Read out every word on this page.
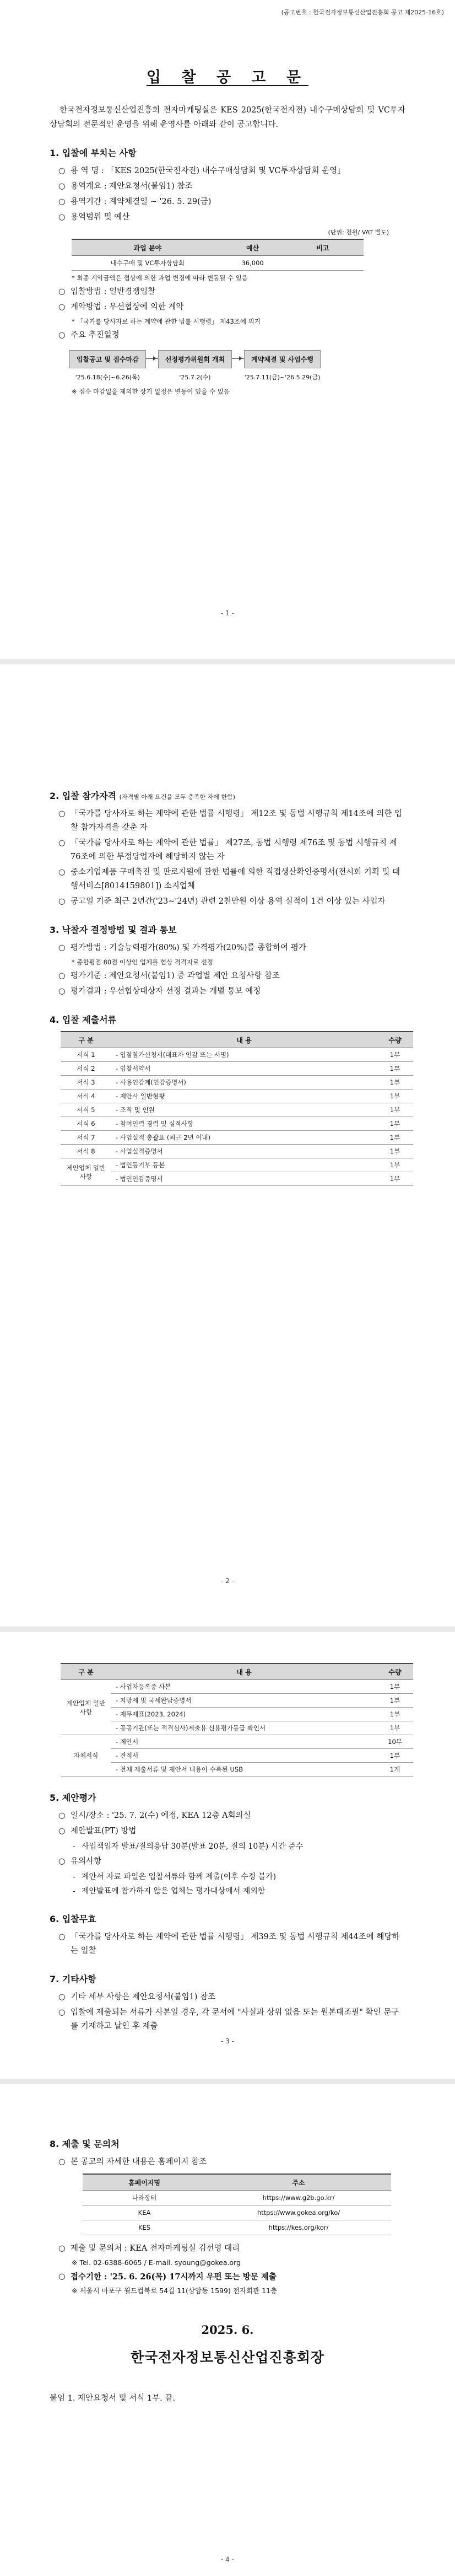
(공고번호 : 한국전자정보통신산업진흥회 공고 제2025-16호)
입 찰 공 고 문

한국전자정보통신산업진흥회 전자마케팅실은 KES 2025(한국전자전) 내수구매상담회 및 VC투자상담회의 전문적인 운영을 위해 운영사를 아래와 같이 공고합니다.

1. 입찰에 부치는 사항
○ 용 역 명 : 「KES 2025(한국전자전) 내수구매상담회 및 VC투자상담회 운영」
○ 용역개요 : 제안요청서(붙임1) 참조
○ 용역기간 : 계약체결일 ~ '26. 5. 29(금)
○ 용역범위 및 예산
(단위: 천원/ VAT 별도)
과업 분야	예산	비고
내수구매 및 VC투자상담회	36,000	
* 최종 계약금액은 협상에 의한 과업 변경에 따라 변동될 수 있음
○ 입찰방법 : 일반경쟁입찰
○ 계약방법 : 우선협상에 의한 계약
* 「국가를 당사자로 하는 계약에 관한 법률 시행령」 제43조에 의거
○ 주요 추진일정
입찰공고 및 접수마감
'25.6.18(수)~6.26(목)
선정평가위원회 개최
'25.7.2(수)
계약체결 및 사업수행
'25.7.11(금)~'26.5.29(금)
※ 접수 마감일을 제외한 상기 일정은 변동이 있을 수 있음
- 1 -
2. 입찰 참가자격 (자격별 아래 요건을 모두 충족한 자에 한함)
○ 「국가를 당사자로 하는 계약에 관한 법률 시행령」 제12조 및 동법 시행규칙 제14조에 의한 입찰 참가자격을 갖춘 자
○ 「국가를 당사자로 하는 계약에 관한 법률」 제27조, 동법 시행령 제76조 및 동법 시행규칙 제76조에 의한 부정당업자에 해당하지 않는 자
○ 중소기업제품 구매촉진 및 판로지원에 관한 법률에 의한 직접생산확인증명서(전시회 기획 및 대행서비스[8014159801]) 소지업체
○ 공고일 기준 최근 2년간('23~'24년) 관련 2천만원 이상 용역 실적이 1건 이상 있는 사업자
3. 낙찰자 결정방법 및 결과 통보
○ 평가방법 : 기술능력평가(80%) 및 가격평가(20%)를 종합하여 평가
* 종합평점 80점 이상인 업체를 협상 적격자로 선정
○ 평가기준 : 제안요청서(붙임1) 중 과업별 제안 요청사항 참조
○ 평가결과 : 우선협상대상자 선정 결과는 개별 통보 예정
4. 입찰 제출서류
구 분	내 용	수량
서식 1	- 입찰참가신청서(대표자 인감 또는 서명)	1부
서식 2	- 입찰서약서	1부
서식 3	- 사용인감계(인감증명서)	1부
서식 4	- 제안사 일반현황	1부
서식 5	- 조직 및 인원	1부
서식 6	- 참여인력 경력 및 실적사항	1부
서식 7	- 사업실적 총괄표 (최근 2년 이내)	1부
서식 8	- 사업실적증명서	1부
제안업체 일반사항	- 법인등기부 등본	1부
	- 법인인감증명서	1부
- 2 -
구 분	내 용	수량
제안업체 일반사항	- 사업자등록증 사본	1부
	- 지방세 및 국세완납증명서	1부
	- 재무제표(2023, 2024)	1부
	- 공공기관(또는 적격심사)제출용 신용평가등급 확인서	1부
자체서식	- 제안서	10부
	- 견적서	1부
	- 전체 제출서류 및 제안서 내용이 수록된 USB	1개
5. 제안평가
○ 일시/장소 : '25. 7. 2(수) 예정, KEA 12층 A회의실
○ 제안발표(PT) 방법
- 사업책임자 발표/질의응답 30분(발표 20분, 질의 10분) 시간 준수
○ 유의사항
- 제안서 자료 파일은 입찰서류와 함께 제출(이후 수정 불가)
- 제안발표에 참가하지 않은 업체는 평가대상에서 제외함
6. 입찰무효
○ 「국가를 당사자로 하는 계약에 관한 법률 시행령」 제39조 및 동법 시행규칙 제44조에 해당하는 입찰
7. 기타사항
○ 기타 세부 사항은 제안요청서(붙임1) 참조
○ 입찰에 제출되는 서류가 사본일 경우, 각 문서에 "사실과 상위 없음 또는 원본대조필" 확인 문구를 기재하고 날인 후 제출
- 3 -
8. 제출 및 문의처
○ 본 공고의 자세한 내용은 홈페이지 참조
홈페이지명	주소
나라장터	https://www.g2b.go.kr/
KEA	https://www.gokea.org/ko/
KES	https://kes.org/kor/
○ 제출 및 문의처 : KEA 전자마케팅실 김선영 대리
※ Tel. 02-6388-6065 / E-mail. syoung@gokea.org
○ 접수기한 : '25. 6. 26(목) 17시까지 우편 또는 방문 제출
※ 서울시 마포구 월드컵북로 54길 11(상암동 1599) 전자회관 11층
2025. 6.
한국전자정보통신산업진흥회장
붙임 1. 제안요청서 및 서식 1부. 끝.
- 4 -
